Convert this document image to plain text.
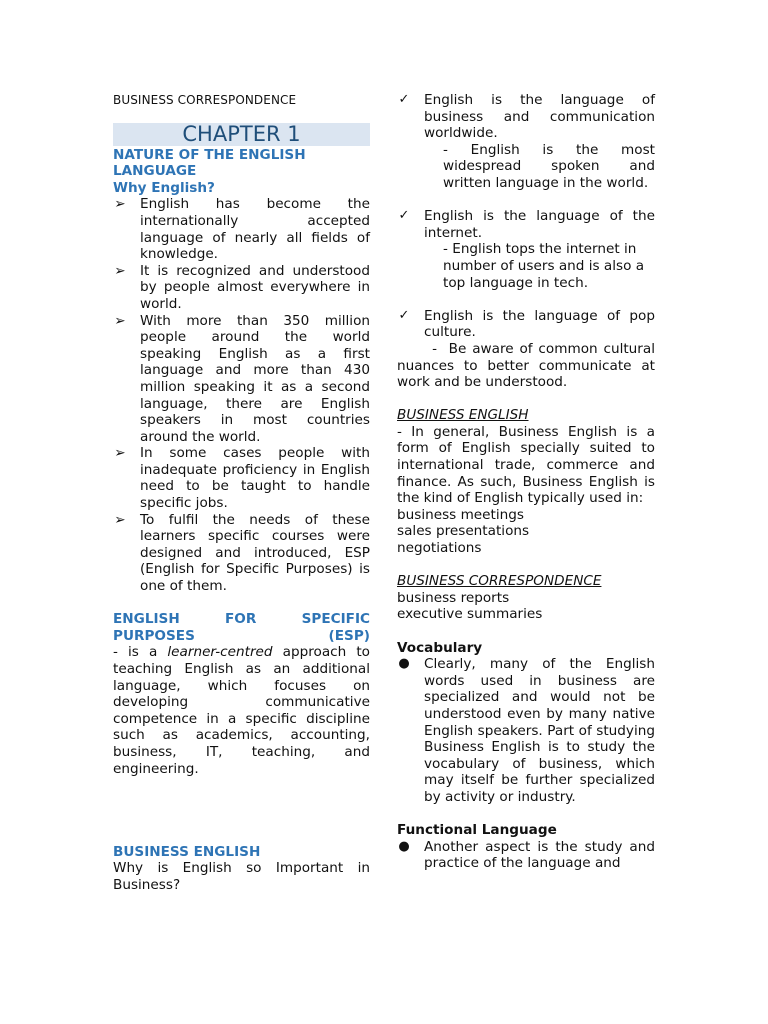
BUSINESS CORRESPONDENCE
CHAPTER 1

NATURE OF THE ENGLISH LANGUAGE

Why English?

➢ English has become the internationally accepted language of nearly all fields of knowledge.
➢ It is recognized and understood by people almost everywhere in world.
➢ With more than 350 million people around the world speaking English as a first language and more than 430 million speaking it as a second language, there are English speakers in most countries around the world.
➢ In some cases people with inadequate proficiency in English need to be taught to handle specific jobs.
➢ To fulfil the needs of these learners specific courses were designed and introduced, ESP (English for Specific Purposes) is one of them.

ENGLISH FOR SPECIFIC PURPOSES (ESP)

- is a learner-centred approach to teaching English as an additional language, which focuses on developing communicative competence in a specific discipline such as academics, accounting, business, IT, teaching, and engineering.

BUSINESS ENGLISH

Why is English so Important in Business?

✓ English is the language of business and communication worldwide.
- English is the most widespread spoken and written language in the world.
✓ English is the language of the internet.
- English tops the internet in number of users and is also a top language in tech.
✓ English is the language of pop culture.

-  Be aware of common cultural nuances to better communicate at work and be understood.

BUSINESS ENGLISH

- In general, Business English is a form of English specially suited to international trade, commerce and finance. As such, Business English is the kind of English typically used in:

business meetings
sales presentations
negotiations

BUSINESS CORRESPONDENCE

business reports
executive summaries

Vocabulary

● Clearly, many of the English words used in business are specialized and would not be understood even by many native English speakers. Part of studying Business English is to study the vocabulary of business, which may itself be further specialized by activity or industry.

Functional Language

● Another aspect is the study and practice of the language and
